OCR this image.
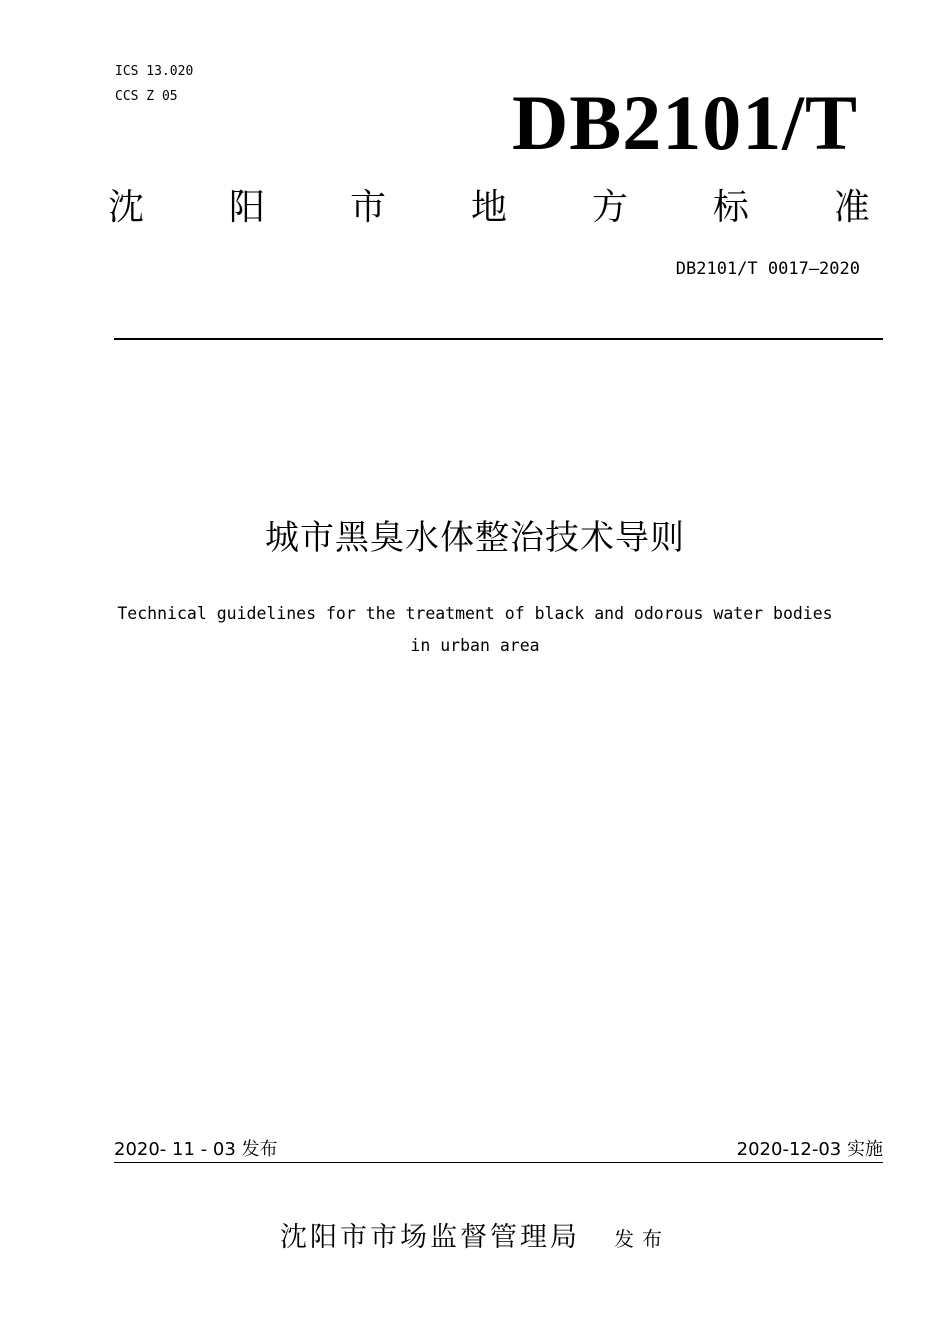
ICS 13.020
CCS Z 05	DB2101/T
沈 阳 市 地 方 标 准
DB2101/T 0017—2020
城市黑臭水体整治技术导则
Technical guidelines for the treatment of black and odorous water bodies
in urban area
2020- 11 - 03 发布	2020-12-03 实施
沈阳市市场监督管理局 发布
